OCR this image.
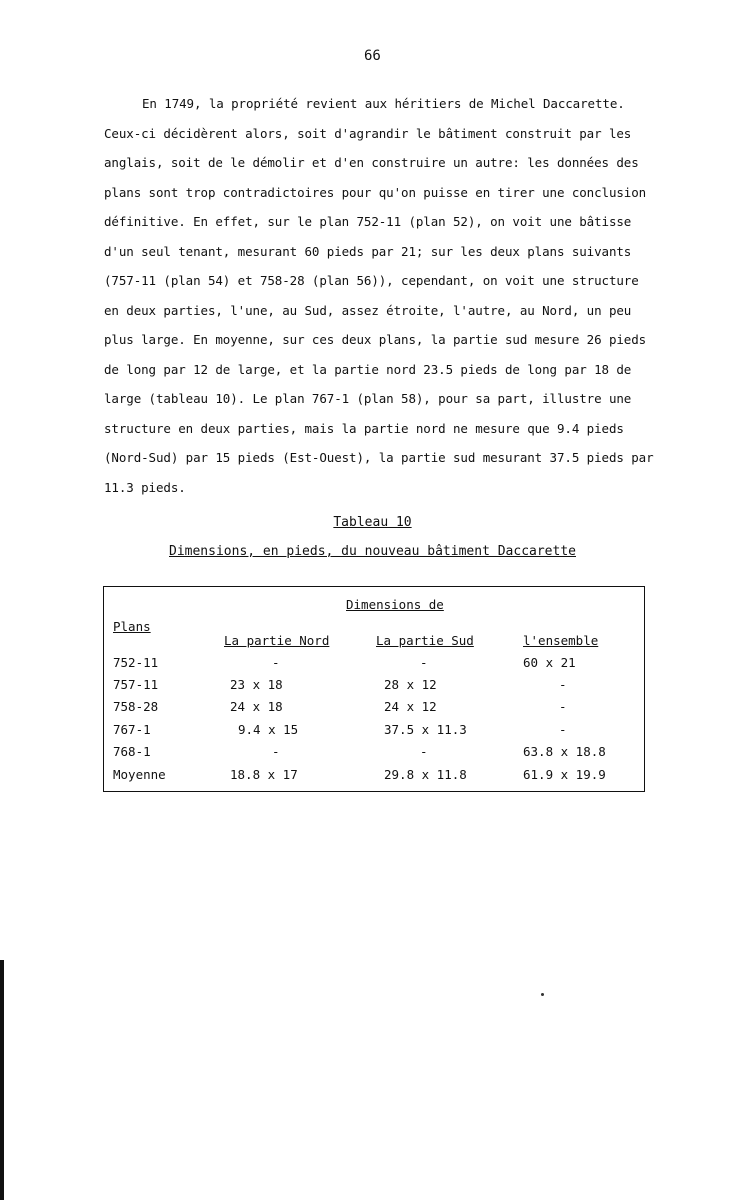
66

En 1749, la propriété revient aux héritiers de Michel Daccarette.
Ceux-ci décidèrent alors, soit d'agrandir le bâtiment construit par les
anglais, soit de le démolir et d'en construire un autre: les données des
plans sont trop contradictoires pour qu'on puisse en tirer une conclusion
définitive. En effet, sur le plan 752-11 (plan 52), on voit une bâtisse
d'un seul tenant, mesurant 60 pieds par 21; sur les deux plans suivants
(757-11 (plan 54) et 758-28 (plan 56)), cependant, on voit une structure
en deux parties, l'une, au Sud, assez étroite, l'autre, au Nord, un peu
plus large. En moyenne, sur ces deux plans, la partie sud mesure 26 pieds
de long par 12 de large, et la partie nord 23.5 pieds de long par 18 de
large (tableau 10). Le plan 767-1 (plan 58), pour sa part, illustre une
structure en deux parties, mais la partie nord ne mesure que 9.4 pieds
(Nord-Sud) par 15 pieds (Est-Ouest), la partie sud mesurant 37.5 pieds par
11.3 pieds.

Tableau 10
Dimensions, en pieds, du nouveau bâtiment Daccarette
Dimensions de
Plans
La partie Nord	La partie Sud	l'ensemble
752-11	-	-	60 x 21
757-11	23 x 18	28 x 12	-
758-28	24 x 18	24 x 12	-
767-1	9.4 x 15	37.5 x 11.3	-
768-1	-	-	63.8 x 18.8
Moyenne	18.8 x 17	29.8 x 11.8	61.9 x 19.9
